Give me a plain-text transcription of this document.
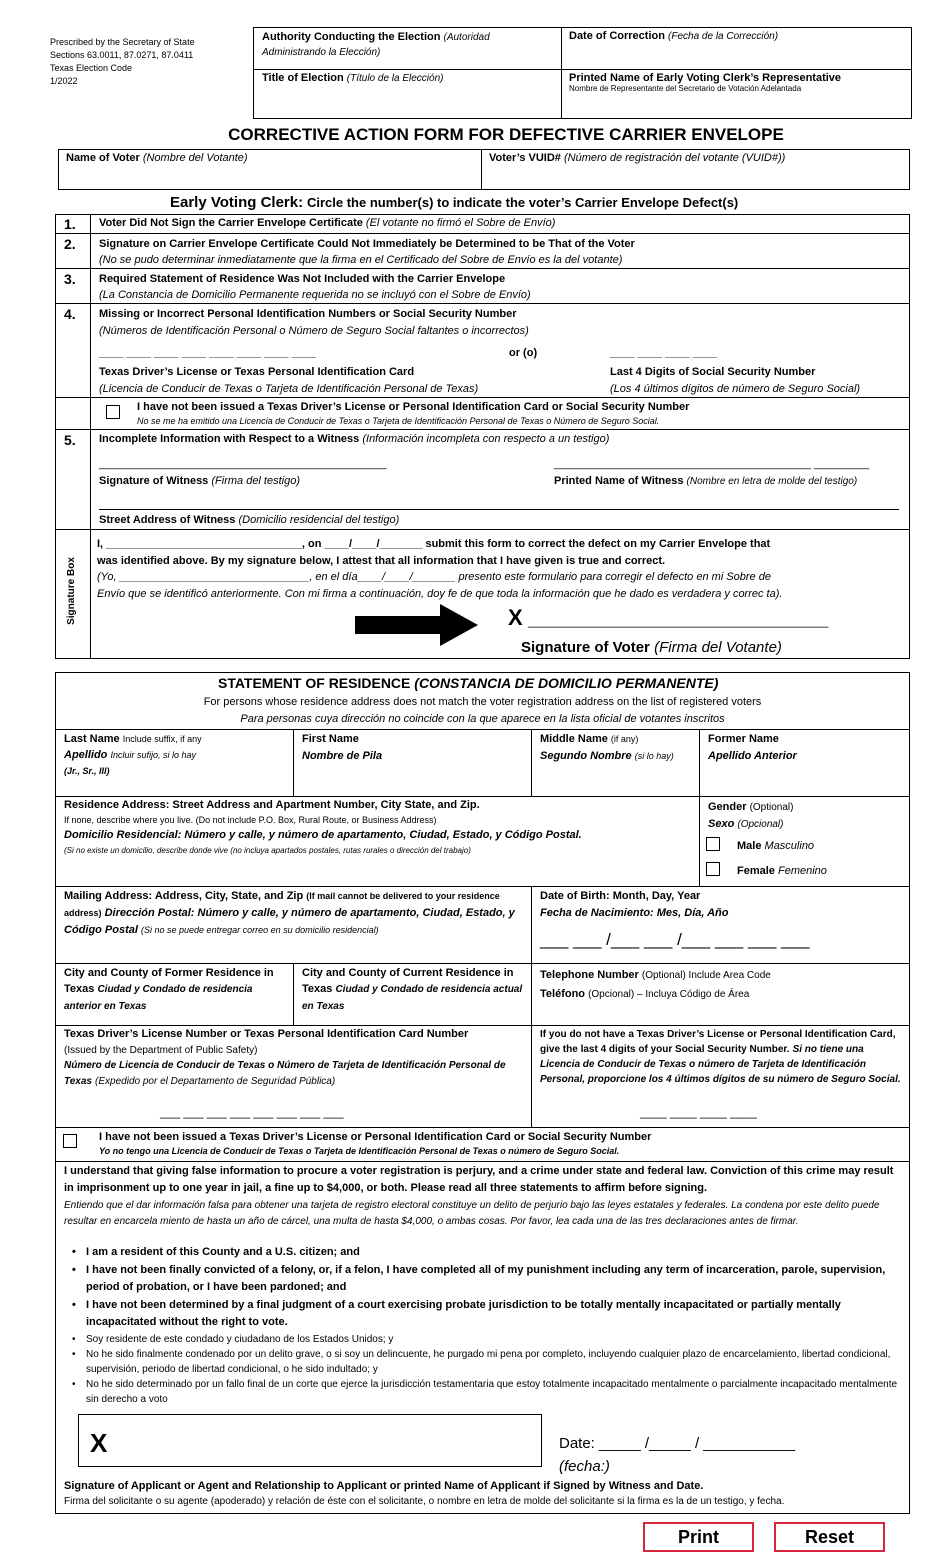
Prescribed by the Secretary of State
Sections 63.0011, 87.0271, 87.0411
Texas Election Code
1/2022
Authority Conducting the Election (Autoridad Administrando la Elección)
Date of Correction (Fecha de la Corrección)
Title of Election (Título de la Elección)	Printed Name of Early Voting Clerk’s Representative
Nombre de Representante del Secretario de Votación Adelantada
CORRECTIVE ACTION FORM FOR DEFECTIVE CARRIER ENVELOPE
Name of Voter (Nombre del Votante)	Voter’s VUID# (Número de registración del votante (VUID#))
Early Voting Clerk: Circle the number(s) to indicate the voter’s Carrier Envelope Defect(s)
1. Voter Did Not Sign the Carrier Envelope Certificate (El votante no firmó el Sobre de Envío)
2. Signature on Carrier Envelope Certificate Could Not Immediately be Determined to be That of the Voter
(No se pudo determinar inmediatamente que la firma en el Certificado del Sobre de Envío es la del votante)
3. Required Statement of Residence Was Not Included with the Carrier Envelope
(La Constancia de Domicilio Permanente requerida no se incluyó con el Sobre de Envío)
4. Missing or Incorrect Personal Identification Numbers or Social Security Number
(Números de Identificación Personal o Número de Seguro Social faltantes o incorrectos)
____ ____ ____ ____ ____ ____ ____ ____	or (o)	____ ____ ____ ____
Texas Driver’s License or Texas Personal Identification Card
(Licencia de Conducir de Texas o Tarjeta de Identificación Personal de Texas)
Last 4 Digits of Social Security Number
(Los 4 últimos dígitos de número de Seguro Social)
I have not been issued a Texas Driver’s License or Personal Identification Card or Social Security Number
No se me ha emitido una Licencia de Conducir de Texas o Tarjeta de Identificación Personal de Texas o Número de Seguro Social.
5. Incomplete Information with Respect to a Witness (Información incompleta con respecto a un testigo)
_______________________________________________	__________________________________________ _________
Signature of Witness (Firma del testigo)	Printed Name of Witness (Nombre en letra de molde del testigo)
Street Address of Witness (Domicilio residencial del testigo)
Signature Box
I, ________________________________, on ____/____/_______ submit this form to correct the defect on my Carrier Envelope that
was identified above. By my signature below, I attest that all information that I have given is true and correct.
(Yo, _______________________________, en el día____/____/_______ presento este formulario para corregir el defecto en mi Sobre de
Envío que se identificó anteriormente. Con mi firma a continuación, doy fe de que toda la información que he dado es verdadera y correc ta).
X _____________________________________________
Signature of Voter (Firma del Votante)
STATEMENT OF RESIDENCE (CONSTANCIA DE DOMICILIO PERMANENTE)
For persons whose residence address does not match the voter registration address on the list of registered voters
Para personas cuya dirección no coincide con la que aparece en la lista oficial de votantes inscritos
Last Name Include suffix, if any
Apellido Incluir sufijo, si lo hay
(Jr., Sr., III)
First Name
Nombre de Pila
Middle Name (if any)
Segundo Nombre (si lo hay)
Former Name
Apellido Anterior
Residence Address: Street Address and Apartment Number, City State, and Zip.
If none, describe where you live. (Do not include P.O. Box, Rural Route, or Business Address)
Domicilio Residencial: Número y calle, y número de apartamento, Ciudad, Estado, y Código Postal.
(Si no existe un domicilio, describe donde vive (no incluya apartados postales, rutas rurales o dirección del trabajo)
Gender (Optional)
Sexo (Opcional)
Male Masculino
Female Femenino
Mailing Address: Address, City, State, and Zip (If mail cannot be delivered to your residence address) Dirección Postal: Número y calle, y número de apartamento, Ciudad, Estado, y Código Postal (Si no se puede entregar correo en su domicilio residencial)
Date of Birth: Month, Day, Year
Fecha de Nacimiento: Mes, Día, Año
___ ___ /___ ___ /___ ___ ___ ___
City and County of Former Residence in Texas Ciudad y Condado de residencia anterior en Texas
City and County of Current Residence in Texas Ciudad y Condado de residencia actual en Texas
Telephone Number (Optional) Include Area Code
Teléfono (Opcional) – Incluya Código de Área
Texas Driver’s License Number or Texas Personal Identification Card Number
(Issued by the Department of Public Safety)
Número de Licencia de Conducir de Texas o Número de Tarjeta de Identificación Personal de Texas (Expedido por el Departamento de Seguridad Pública)
___ ___ ___ ___ ___ ___ ___ ___
If you do not have a Texas Driver’s License or Personal Identification Card, give the last 4 digits of your Social Security Number. Si no tiene una Licencia de Conducir de Texas o número de Tarjeta de Identificación Personal, proporcione los 4 últimos dígitos de su número de Seguro Social.
____ ____ ____ ____
I have not been issued a Texas Driver’s License or Personal Identification Card or Social Security Number
Yo no tengo una Licencia de Conducir de Texas o Tarjeta de Identificación Personal de Texas o número de Seguro Social.
I understand that giving false information to procure a voter registration is perjury, and a crime under state and federal law. Conviction of this crime may result in imprisonment up to one year in jail, a fine up to $4,000, or both. Please read all three statements to affirm before signing.
Entiendo que el dar información falsa para obtener una tarjeta de registro electoral constituye un delito de perjurio bajo las leyes estatales y federales. La condena por este delito puede resultar en encarcela miento de hasta un año de cárcel, una multa de hasta $4,000, o ambas cosas. Por favor, lea cada una de las tres declaraciones antes de firmar.
• I am a resident of this County and a U.S. citizen; and
• I have not been finally convicted of a felony, or, if a felon, I have completed all of my punishment including any term of incarceration, parole, supervision, period of probation, or I have been pardoned; and
• I have not been determined by a final judgment of a court exercising probate jurisdiction to be totally mentally incapacitated or partially mentally incapacitated without the right to vote.
• Soy residente de este condado y ciudadano de los Estados Unidos; y
• No he sido finalmente condenado por un delito grave, o si soy un delincuente, he purgado mi pena por completo, incluyendo cualquier plazo de encarcelamiento, libertad condicional, supervisión, periodo de libertad condicional, o he sido indultado; y
• No he sido determinado por un fallo final de un corte que ejerce la jurisdicción testamentaria que estoy totalmente incapacitado mentalmente o parcialmente incapacitado mentalmente sin derecho a voto
X	Date: _____ /_____ / ___________
(fecha:)
Signature of Applicant or Agent and Relationship to Applicant or printed Name of Applicant if Signed by Witness and Date.
Firma del solicitante o su agente (apoderado) y relación de éste con el solicitante, o nombre en letra de molde del solicitante si la firma es la de un testigo, y fecha.
Print	Reset
